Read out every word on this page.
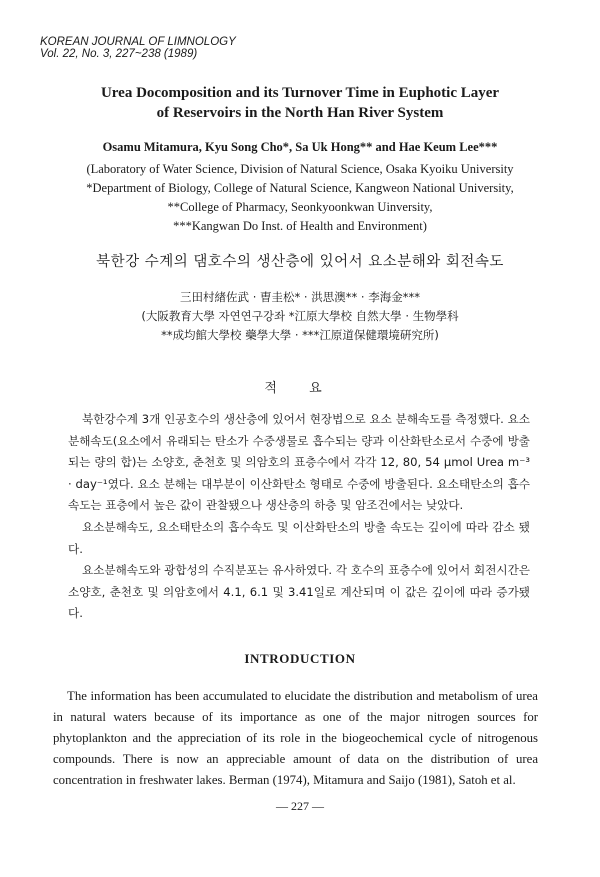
KOREAN JOURNAL OF LIMNOLOGY
Vol. 22, No. 3, 227~238 (1989)
Urea Docomposition and its Turnover Time in Euphotic Layer
of Reservoirs in the North Han River System
Osamu Mitamura, Kyu Song Cho*, Sa Uk Hong** and Hae Keum Lee***
(Laboratory of Water Science, Division of Natural Science, Osaka Kyoiku University
*Department of Biology, College of Natural Science, Kangweon National University,
**College of Pharmacy, Seonkyoonkwan Uinversity,
***Kangwan Do Inst. of Health and Environment)
북한강 수계의 댐호수의 생산층에 있어서 요소분해와 회전속도
三田村緖佐武 · 曺圭松* · 洪思澳** · 李海金***
(大阪教育大學 자연연구강좌 *江原大學校 自然大學 · 生物學科
**成均館大學校 藥學大學 · ***江原道保健環境硏究所)
적 요

북한강수계 3개 인공호수의 생산층에 있어서 현장법으로 요소 분해속도를 측정했다. 요소분해속도(요소에서 유래되는 탄소가 수중생물로 흡수되는 량과 이산화탄소로서 수중에 방출되는 량의 합)는 소양호, 춘천호 및 의암호의 표층수에서 각각 12, 80, 54 μmol Urea m⁻³ · day⁻¹였다. 요소 분해는 대부분이 이산화탄소 형태로 수중에 방출된다. 요소태탄소의 흡수속도는 표층에서 높은 값이 관찰됐으나 생산층의 하층 및 암조건에서는 낮았다.

요소분해속도, 요소태탄소의 흡수속도 및 이산화탄소의 방출 속도는 깊이에 따라 감소 됐다.

요소분해속도와 광합성의 수직분포는 유사하였다. 각 호수의 표층수에 있어서 회전시간은 소양호, 춘천호 및 의암호에서 4.1, 6.1 및 3.41일로 계산되며 이 값은 깊이에 따라 증가됐다.

INTRODUCTION

The information has been accumulated to elucidate the distribution and metabolism of urea in natural waters because of its importance as one of the major nitrogen sources for phytoplankton and the appreciation of its role in the biogeochemical cycle of nitrogenous compounds. There is now an appreciable amount of data on the distribution of urea concentration in freshwater lakes. Berman (1974), Mitamura and Saijo (1981), Satoh et al.

— 227 —
